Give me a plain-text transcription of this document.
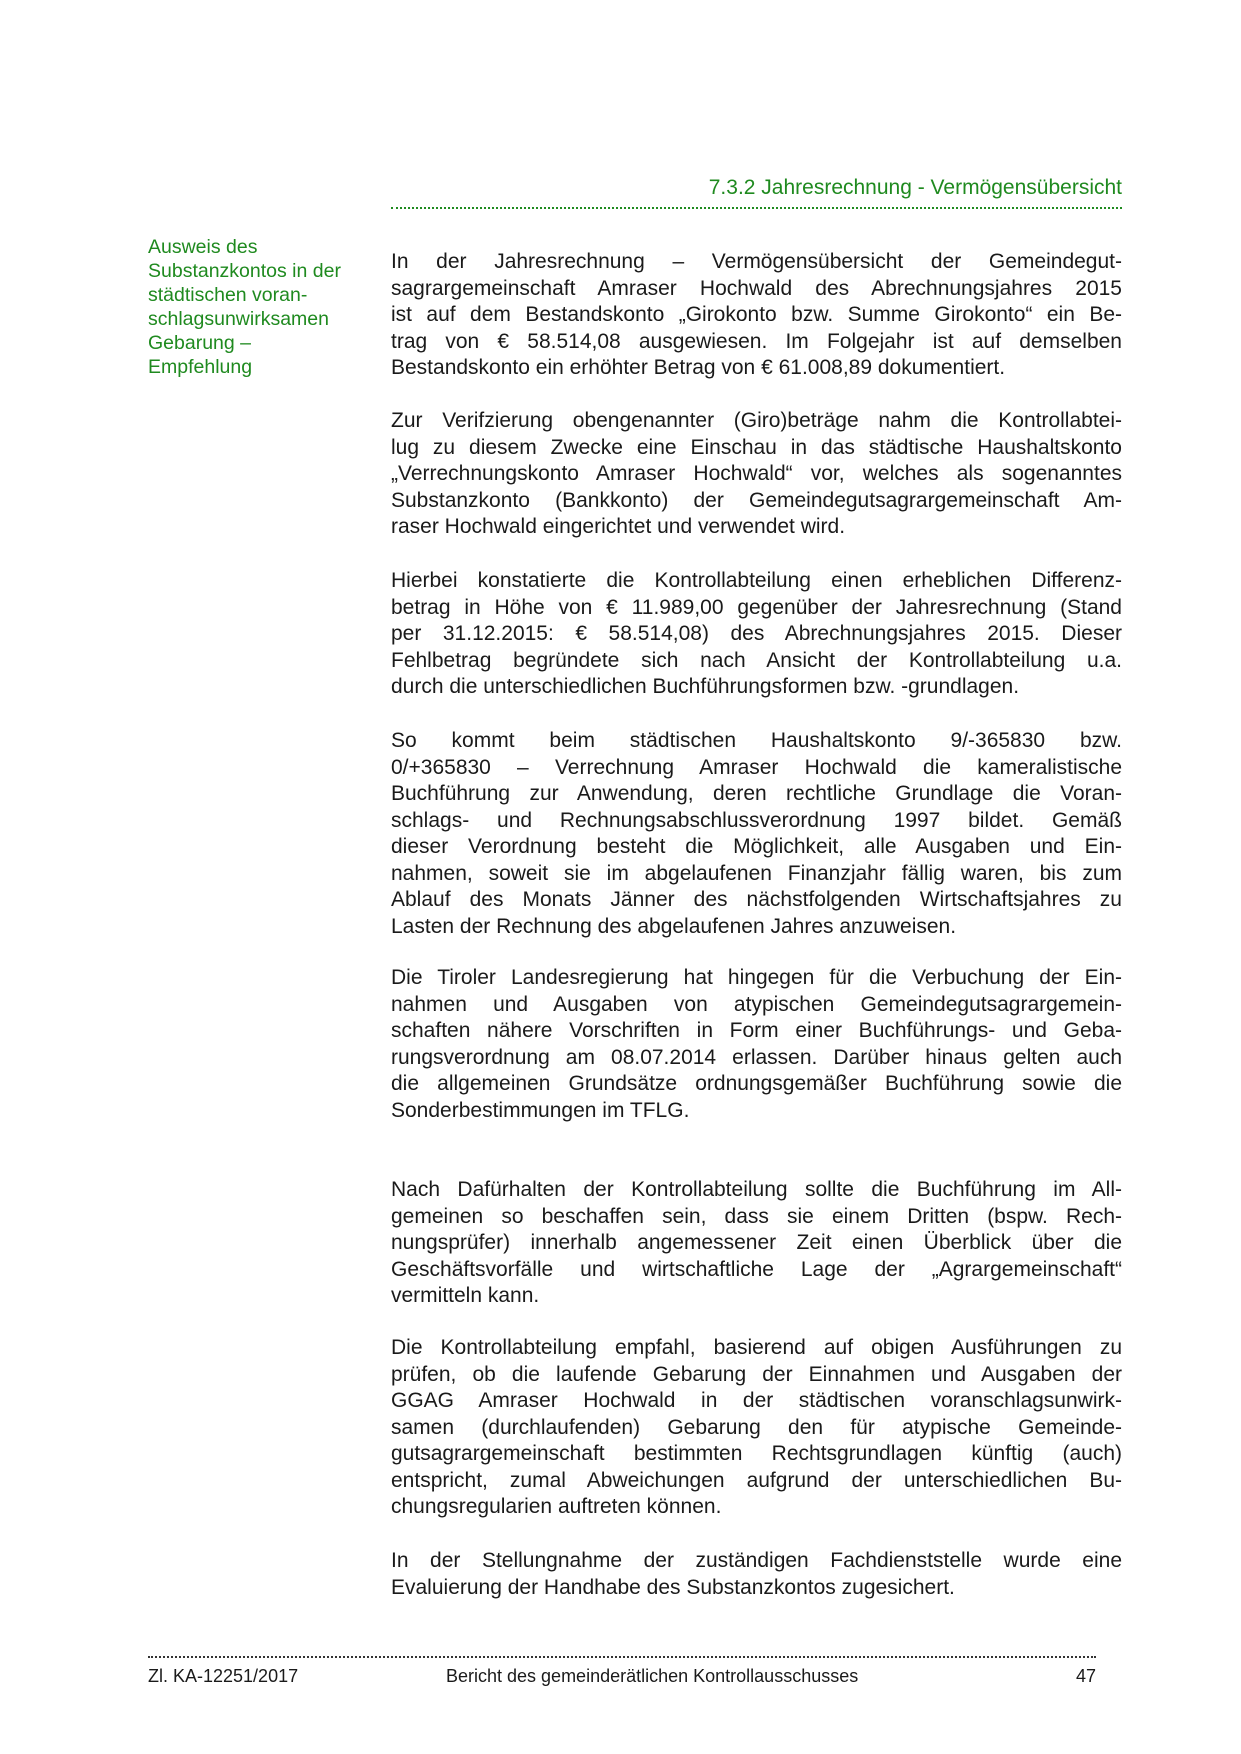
7.3.2 Jahresrechnung - Vermögensübersicht
Ausweis des
Substanzkontos in der
städtischen voran-
schlagsunwirksamen
Gebarung –
Empfehlung
In der Jahresrechnung – Vermögensübersicht der Gemeindegut-
sagrargemeinschaft Amraser Hochwald des Abrechnungsjahres 2015
ist auf dem Bestandskonto „Girokonto bzw. Summe Girokonto“ ein Be-
trag von € 58.514,08 ausgewiesen. Im Folgejahr ist auf demselben
Bestandskonto ein erhöhter Betrag von € 61.008,89 dokumentiert.
Zur Verifzierung obengenannter (Giro)beträge nahm die Kontrollabtei-
lug zu diesem Zwecke eine Einschau in das städtische Haushaltskonto
„Verrechnungskonto Amraser Hochwald“ vor, welches als sogenanntes
Substanzkonto (Bankkonto) der Gemeindegutsagrargemeinschaft Am-
raser Hochwald eingerichtet und verwendet wird.
Hierbei konstatierte die Kontrollabteilung einen erheblichen Differenz-
betrag in Höhe von € 11.989,00 gegenüber der Jahresrechnung (Stand
per 31.12.2015: € 58.514,08) des Abrechnungsjahres 2015. Dieser
Fehlbetrag begründete sich nach Ansicht der Kontrollabteilung u.a.
durch die unterschiedlichen Buchführungsformen bzw. -grundlagen.
So kommt beim städtischen Haushaltskonto 9/-365830 bzw.
0/+365830 – Verrechnung Amraser Hochwald die kameralistische
Buchführung zur Anwendung, deren rechtliche Grundlage die Voran-
schlags- und Rechnungsabschlussverordnung 1997 bildet. Gemäß
dieser Verordnung besteht die Möglichkeit, alle Ausgaben und Ein-
nahmen, soweit sie im abgelaufenen Finanzjahr fällig waren, bis zum
Ablauf des Monats Jänner des nächstfolgenden Wirtschaftsjahres zu
Lasten der Rechnung des abgelaufenen Jahres anzuweisen.
Die Tiroler Landesregierung hat hingegen für die Verbuchung der Ein-
nahmen und Ausgaben von atypischen Gemeindegutsagrargemein-
schaften nähere Vorschriften in Form einer Buchführungs- und Geba-
rungsverordnung am 08.07.2014 erlassen. Darüber hinaus gelten auch
die allgemeinen Grundsätze ordnungsgemäßer Buchführung sowie die
Sonderbestimmungen im TFLG.
Nach Dafürhalten der Kontrollabteilung sollte die Buchführung im All-
gemeinen so beschaffen sein, dass sie einem Dritten (bspw. Rech-
nungsprüfer) innerhalb angemessener Zeit einen Überblick über die
Geschäftsvorfälle und wirtschaftliche Lage der „Agrargemeinschaft“
vermitteln kann.
Die Kontrollabteilung empfahl, basierend auf obigen Ausführungen zu
prüfen, ob die laufende Gebarung der Einnahmen und Ausgaben der
GGAG Amraser Hochwald in der städtischen voranschlagsunwirk-
samen (durchlaufenden) Gebarung den für atypische Gemeinde-
gutsagrargemeinschaft bestimmten Rechtsgrundlagen künftig (auch)
entspricht, zumal Abweichungen aufgrund der unterschiedlichen Bu-
chungsregularien auftreten können.
In der Stellungnahme der zuständigen Fachdienststelle wurde eine
Evaluierung der Handhabe des Substanzkontos zugesichert.
Zl. KA-12251/2017	Bericht des gemeinderätlichen Kontrollausschusses	47
